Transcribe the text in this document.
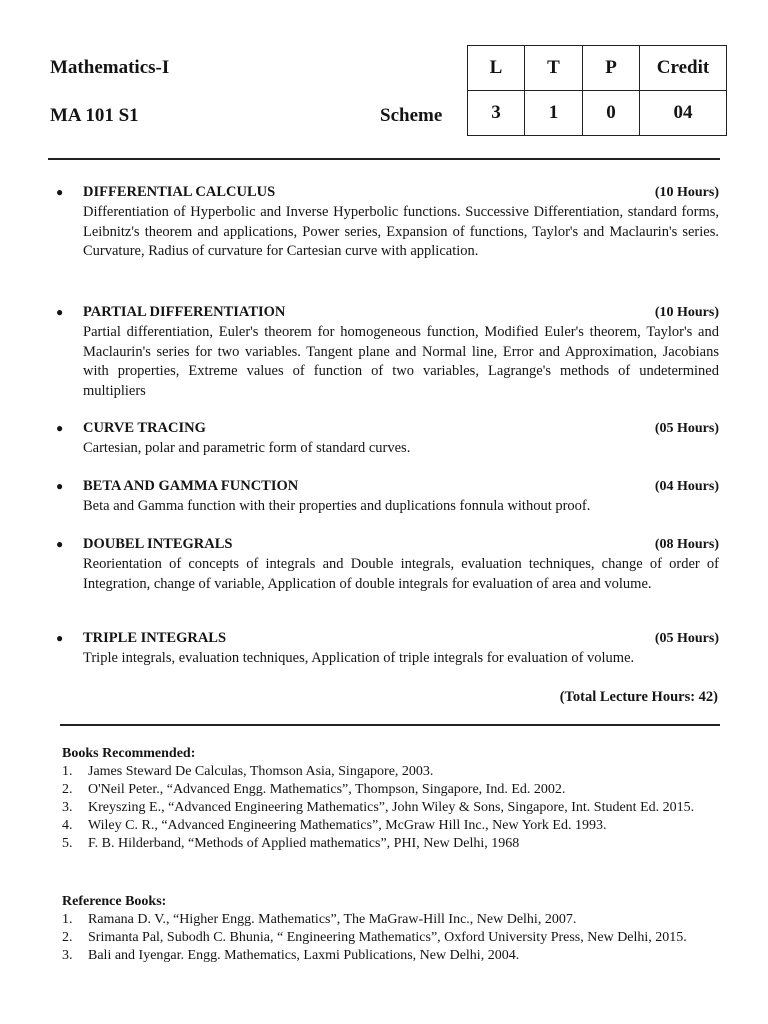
Mathematics-I
MA 101 S1	Scheme
L	T	P	Credit
3	1	0	04
● DIFFERENTIAL CALCULUS	(10 Hours)
Differentiation of Hyperbolic and Inverse Hyperbolic functions. Successive Differentiation, standard forms, Leibnitz's theorem and applications, Power series, Expansion of functions, Taylor's and Maclaurin's series. Curvature, Radius of curvature for Cartesian curve with application.
● PARTIAL DIFFERENTIATION	(10 Hours)
Partial differentiation, Euler's theorem for homogeneous function, Modified Euler's theorem, Taylor's and Maclaurin's series for two variables. Tangent plane and Normal line, Error and Approximation, Jacobians with properties, Extreme values of function of two variables, Lagrange's methods of undetermined multipliers
● CURVE TRACING	(05 Hours)
Cartesian, polar and parametric form of standard curves.
● BETA AND GAMMA FUNCTION	(04 Hours)
Beta and Gamma function with their properties and duplications fonnula without proof.
● DOUBEL INTEGRALS	(08 Hours)
Reorientation of concepts of integrals and Double integrals, evaluation techniques, change of order of Integration, change of variable, Application of double integrals for evaluation of area and volume.
● TRIPLE INTEGRALS	(05 Hours)
Triple integrals, evaluation techniques, Application of triple integrals for evaluation of volume.
(Total Lecture Hours: 42)
Books Recommended:
1. James Steward De Calculas, Thomson Asia, Singapore, 2003.
2. O'Neil Peter., “Advanced Engg. Mathematics”, Thompson, Singapore, Ind. Ed. 2002.
3. Kreyszing E., “Advanced Engineering Mathematics”, John Wiley & Sons, Singapore, Int. Student Ed. 2015.
4. Wiley C. R., “Advanced Engineering Mathematics”, McGraw Hill Inc., New York Ed. 1993.
5. F. B. Hilderband, “Methods of Applied mathematics”, PHI, New Delhi, 1968
Reference Books:
1. Ramana D. V., “Higher Engg. Mathematics”, The MaGraw-Hill Inc., New Delhi, 2007.
2. Srimanta Pal, Subodh C. Bhunia, “ Engineering Mathematics”, Oxford University Press, New Delhi, 2015.
3. Bali and Iyengar. Engg. Mathematics, Laxmi Publications, New Delhi, 2004.
